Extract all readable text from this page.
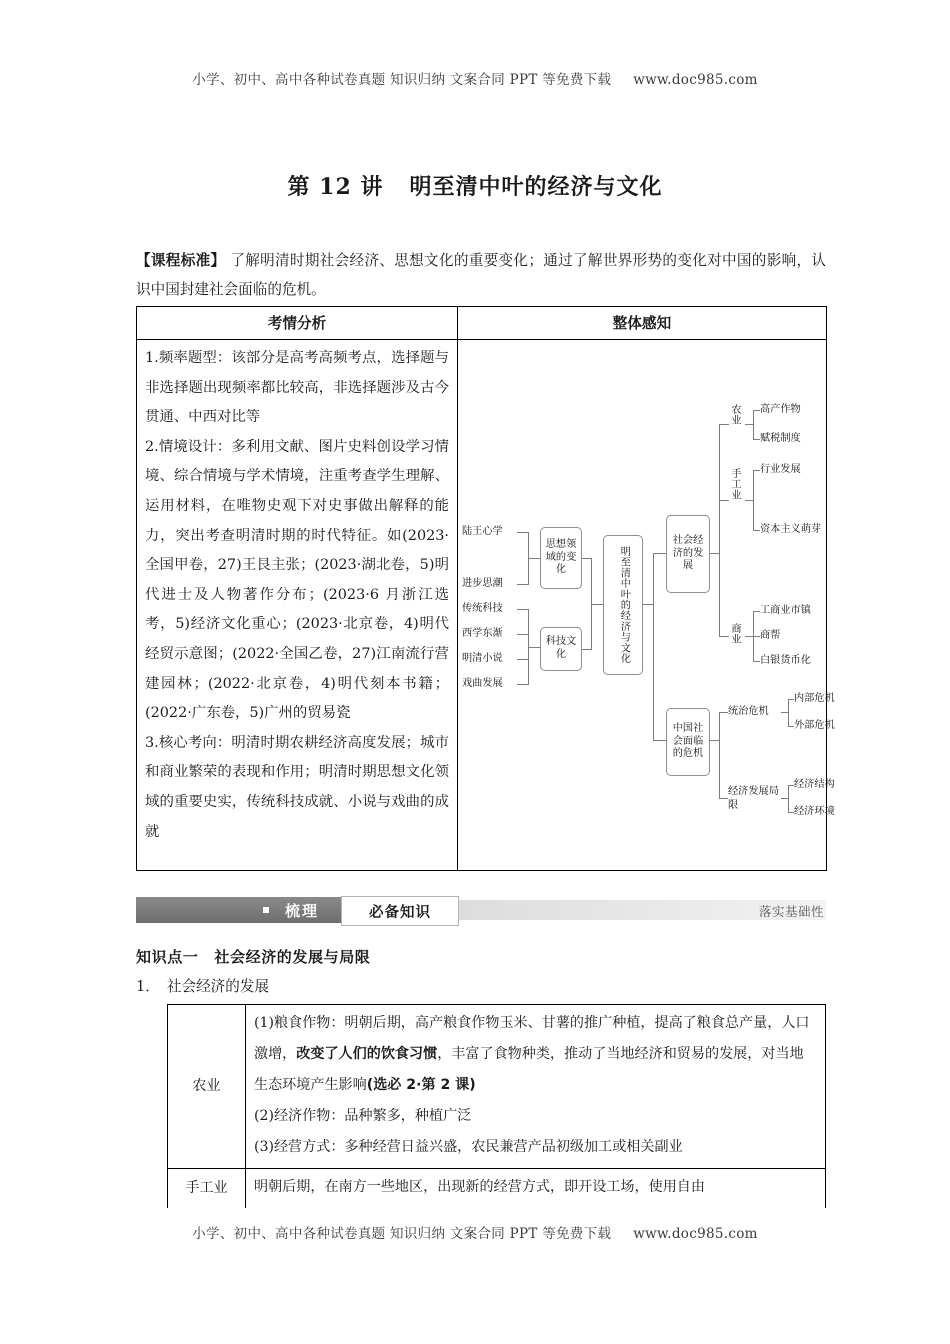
小学、初中、高中各种试卷真题 知识归纳 文案合同 PPT 等免费下载 www.doc985.com
第 12 讲 明至清中叶的经济与文化
【课程标准】 了解明清时期社会经济、思想文化的重要变化；通过了解世界形势的变化对中国的影响，认识中国封建社会面临的危机。
考情分析	整体感知

1.频率题型：该部分是高考高频考点，选择题与非选择题出现频率都比较高，非选择题涉及古今贯通、中西对比等

2.情境设计：多利用文献、图片史料创设学习情境、综合情境与学术情境，注重考查学生理解、运用材料，在唯物史观下对史事做出解释的能力，突出考查明清时期的时代特征。如(2023·全国甲卷，27)王艮主张；(2023·湖北卷，5)明代进士及人物著作分布；(2023·6 月浙江选考，5)经济文化重心；(2023·北京卷，4)明代经贸示意图；(2022·全国乙卷，27)江南流行营建园林；(2022·北京卷，4)明代刻本书籍；(2022·广东卷，5)广州的贸易瓷

3.核心考向：明清时期农耕经济高度发展；城市和商业繁荣的表现和作用；明清时期思想文化领域的重要史实，传统科技成就、小说与戏曲的成就

陆王心学
进步思潮
传统科技
西学东渐
明清小说
戏曲发展
思想领域的变化
科技文化	明至清中叶的经济与文化
社会经济的发展
中国社会面临的危机
农业 高产作物
赋税制度
手工业 行业发展
资本主义萌芽
商业
工商业市镇
商帮
白银货币化
统治危机
内部危机
外部危机
经济发展局限
经济结构
经济环境
梳理	必备知识	落实基础性
知识点一 社会经济的发展与局限
1． 社会经济的发展
农业	(1)粮食作物：明朝后期，高产粮食作物玉米、甘薯的推广种植，提高了粮食总产量，人口激增，改变了人们的饮食习惯，丰富了食物种类，推动了当地经济和贸易的发展，对当地生态环境产生影响(选必 2·第 2 课)

(2)经济作物：品种繁多，种植广泛

(3)经营方式：多种经营日益兴盛，农民兼营产品初级加工或相关副业

手工业	明朝后期，在南方一些地区，出现新的经营方式，即开设工场，使用自由

小学、初中、高中各种试卷真题 知识归纳 文案合同 PPT 等免费下载 www.doc985.com
